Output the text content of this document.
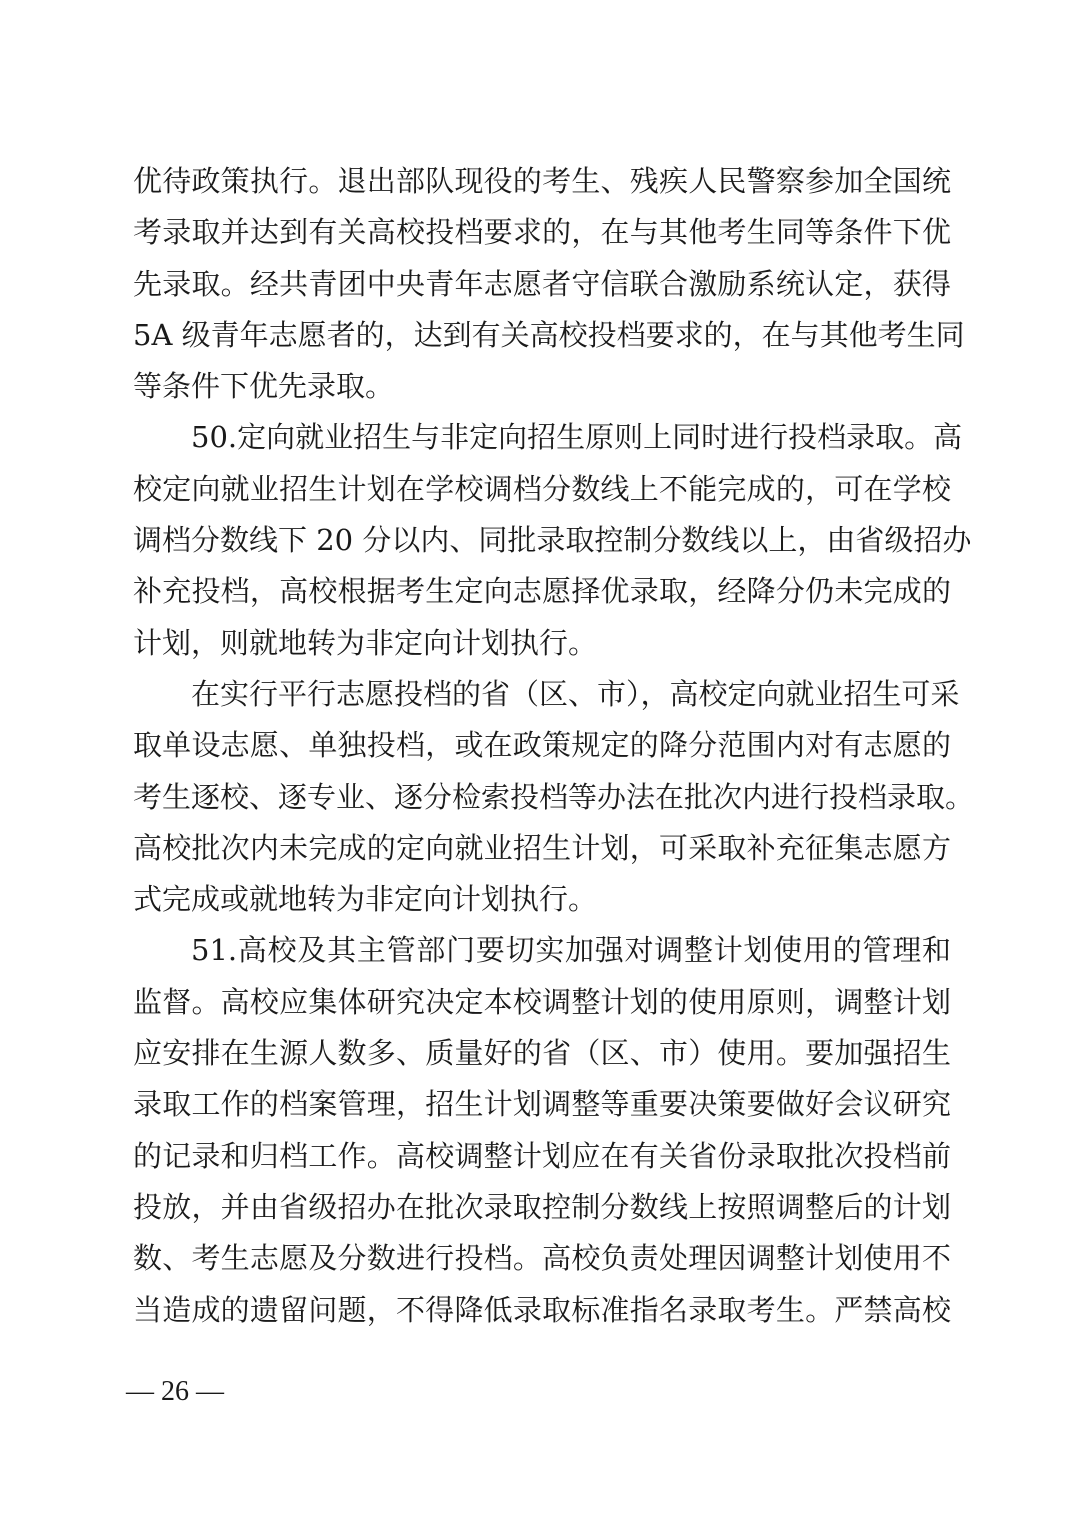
优待政策执行。退出部队现役的考生、残疾人民警察参加全国统
考录取并达到有关高校投档要求的，在与其他考生同等条件下优
先录取。经共青团中央青年志愿者守信联合激励系统认定，获得
5A 级青年志愿者的，达到有关高校投档要求的，在与其他考生同
等条件下优先录取。
50.定向就业招生与非定向招生原则上同时进行投档录取。高
校定向就业招生计划在学校调档分数线上不能完成的，可在学校
调档分数线下 20 分以内、同批录取控制分数线以上，由省级招办
补充投档，高校根据考生定向志愿择优录取，经降分仍未完成的
计划，则就地转为非定向计划执行。
在实行平行志愿投档的省（区、市），高校定向就业招生可采
取单设志愿、单独投档，或在政策规定的降分范围内对有志愿的
考生逐校、逐专业、逐分检索投档等办法在批次内进行投档录取。
高校批次内未完成的定向就业招生计划，可采取补充征集志愿方
式完成或就地转为非定向计划执行。
51.高校及其主管部门要切实加强对调整计划使用的管理和
监督。高校应集体研究决定本校调整计划的使用原则，调整计划
应安排在生源人数多、质量好的省（区、市）使用。要加强招生
录取工作的档案管理，招生计划调整等重要决策要做好会议研究
的记录和归档工作。高校调整计划应在有关省份录取批次投档前
投放，并由省级招办在批次录取控制分数线上按照调整后的计划
数、考生志愿及分数进行投档。高校负责处理因调整计划使用不
当造成的遗留问题，不得降低录取标准指名录取考生。严禁高校
— 26 —
